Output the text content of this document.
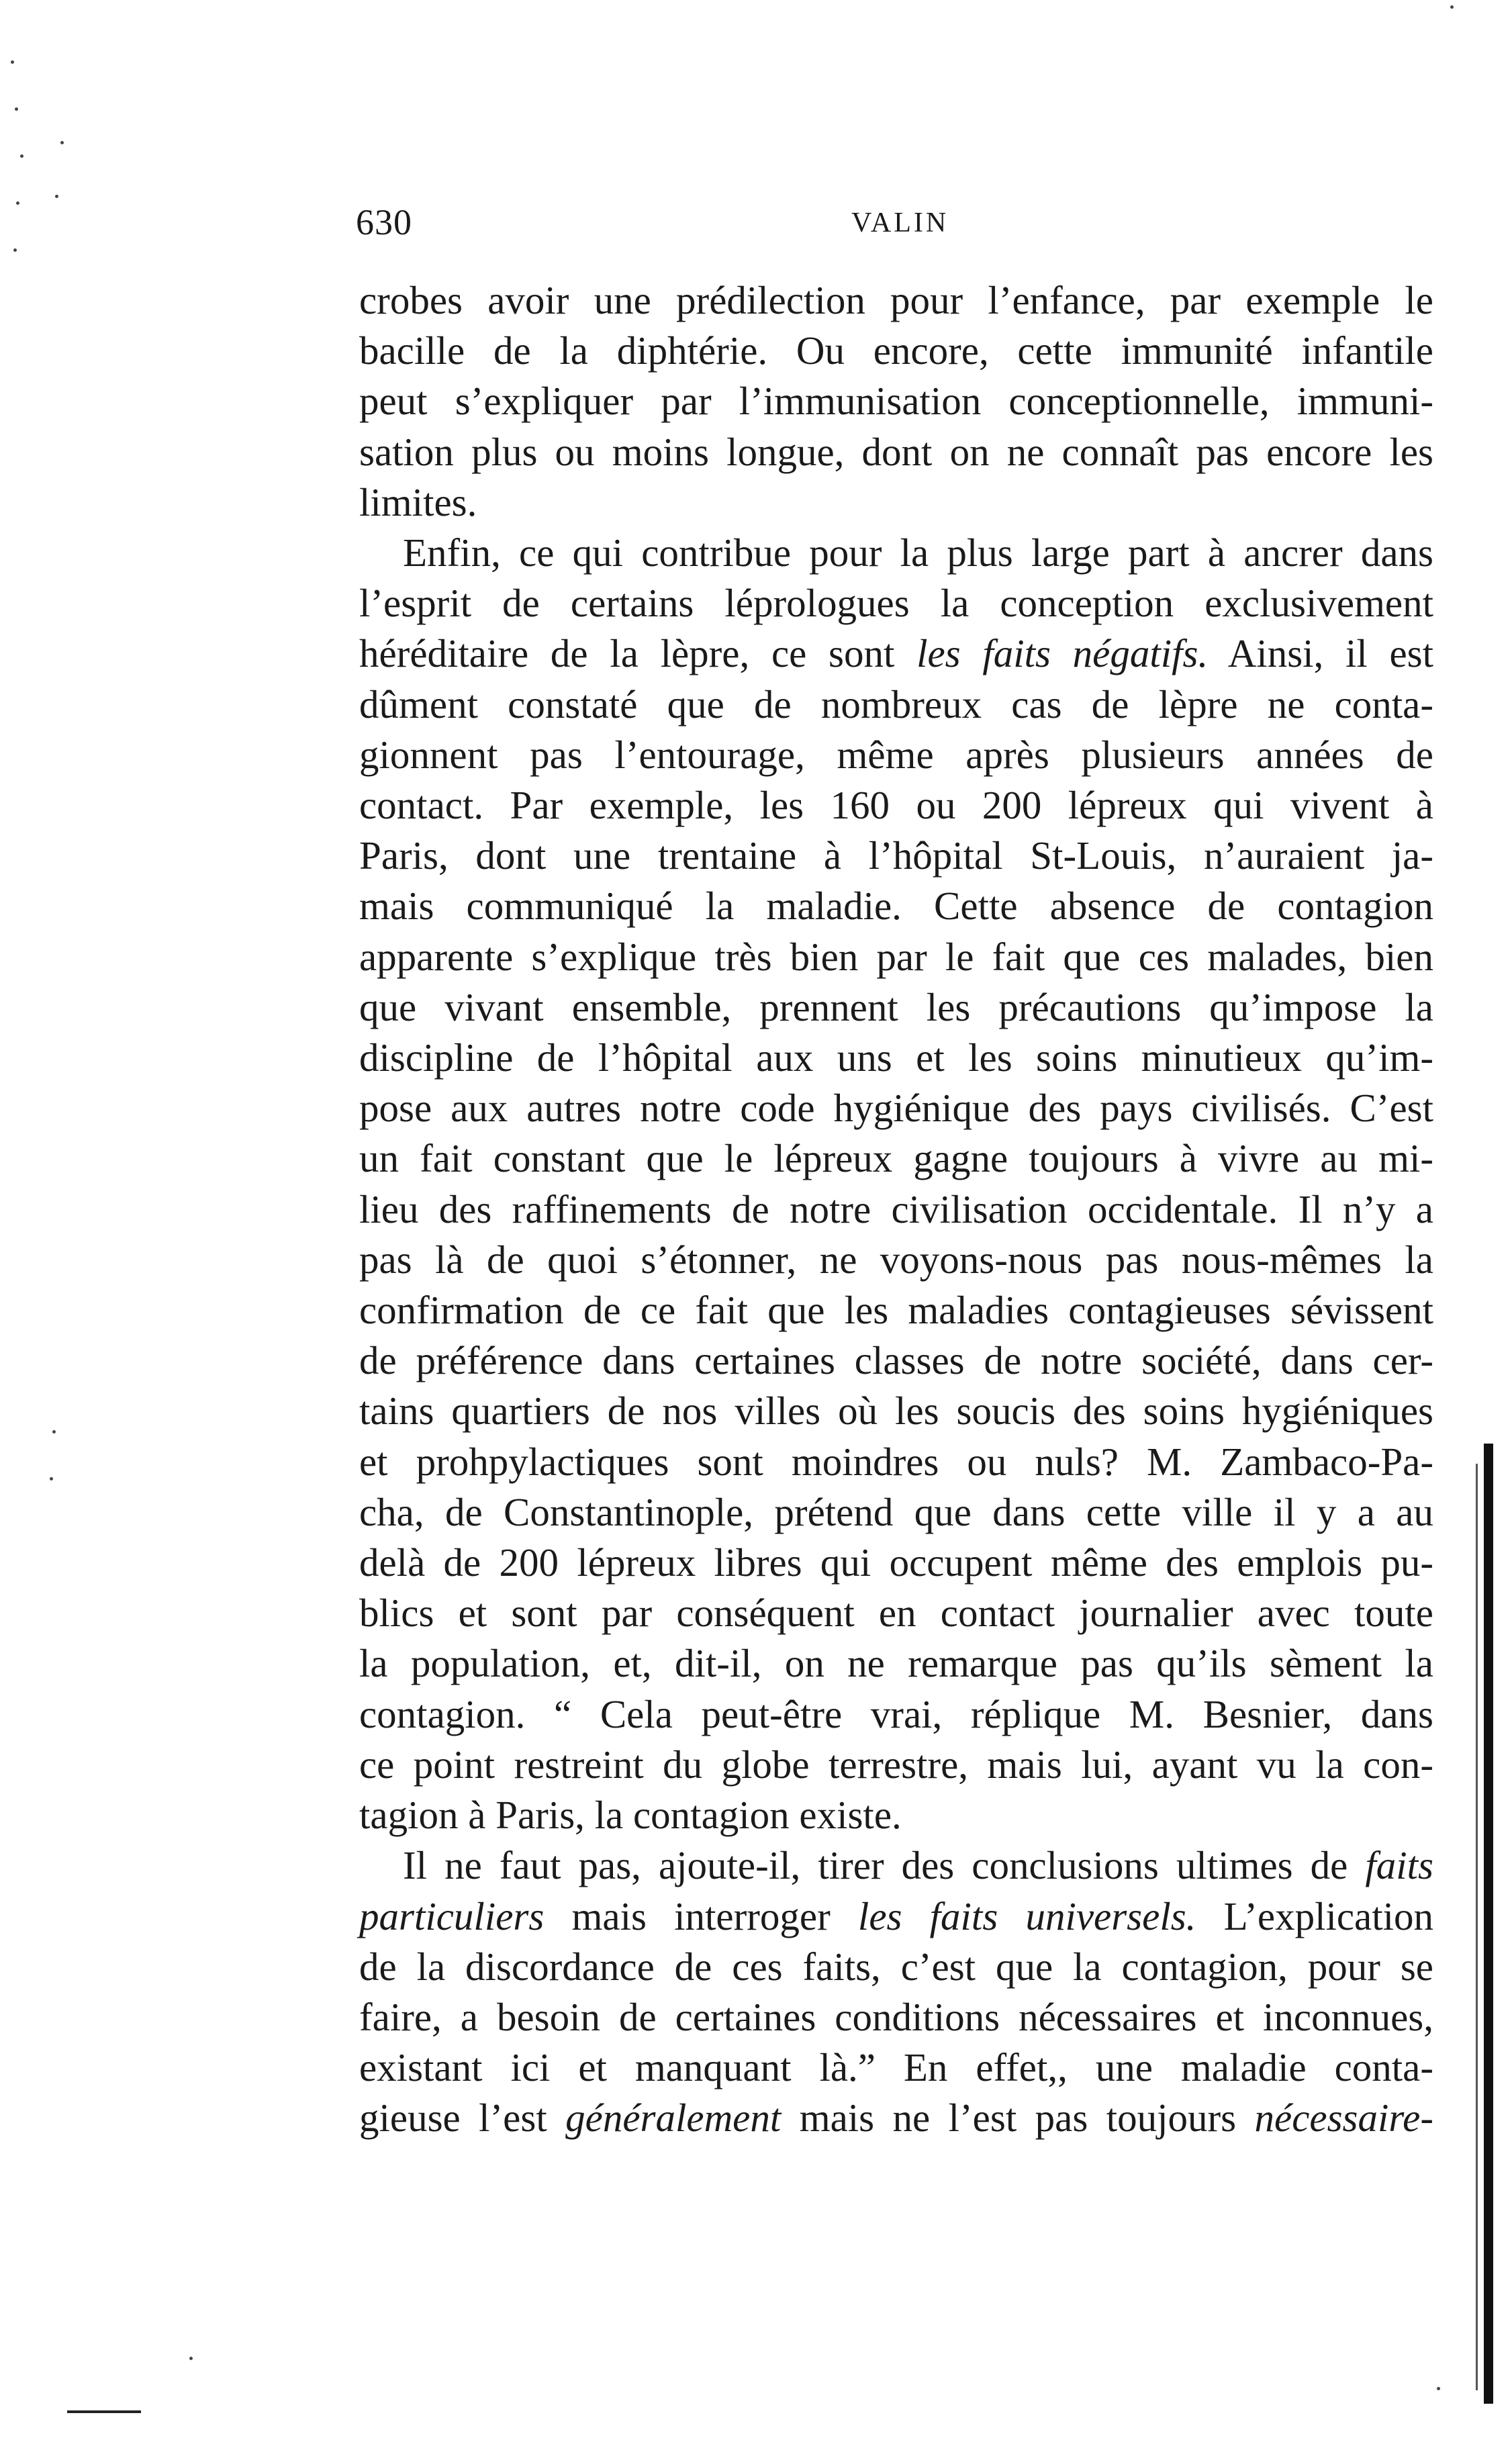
630	VALIN
crobes avoir une prédilection pour l’enfance, par exemple le
bacille de la diphtérie. Ou encore, cette immunité infantile
peut s’expliquer par l’immunisation conceptionnelle, immuni-
sation plus ou moins longue, dont on ne connaît pas encore les
limites.
Enfin, ce qui contribue pour la plus large part à ancrer dans
l’esprit de certains léprologues la conception exclusivement
héréditaire de la lèpre, ce sont les faits négatifs. Ainsi, il est
dûment constaté que de nombreux cas de lèpre ne conta-
gionnent pas l’entourage, même après plusieurs années de
contact. Par exemple, les 160 ou 200 lépreux qui vivent à
Paris, dont une trentaine à l’hôpital St-Louis, n’auraient ja-
mais communiqué la maladie. Cette absence de contagion
apparente s’explique très bien par le fait que ces malades, bien
que vivant ensemble, prennent les précautions qu’impose la
discipline de l’hôpital aux uns et les soins minutieux qu’im-
pose aux autres notre code hygiénique des pays civilisés. C’est
un fait constant que le lépreux gagne toujours à vivre au mi-
lieu des raffinements de notre civilisation occidentale. Il n’y a
pas là de quoi s’étonner, ne voyons-nous pas nous-mêmes la
confirmation de ce fait que les maladies contagieuses sévissent
de préférence dans certaines classes de notre société, dans cer-
tains quartiers de nos villes où les soucis des soins hygiéniques
et prohpylactiques sont moindres ou nuls? M. Zambaco-Pa-
cha, de Constantinople, prétend que dans cette ville il y a au
delà de 200 lépreux libres qui occupent même des emplois pu-
blics et sont par conséquent en contact journalier avec toute
la population, et, dit-il, on ne remarque pas qu’ils sèment la
contagion. “ Cela peut-être vrai, réplique M. Besnier, dans
ce point restreint du globe terrestre, mais lui, ayant vu la con-
tagion à Paris, la contagion existe.
Il ne faut pas, ajoute-il, tirer des conclusions ultimes de faits
particuliers mais interroger les faits universels. L’explication
de la discordance de ces faits, c’est que la contagion, pour se
faire, a besoin de certaines conditions nécessaires et inconnues,
existant ici et manquant là.” En effet,, une maladie conta-
gieuse l’est généralement mais ne l’est pas toujours nécessaire-
